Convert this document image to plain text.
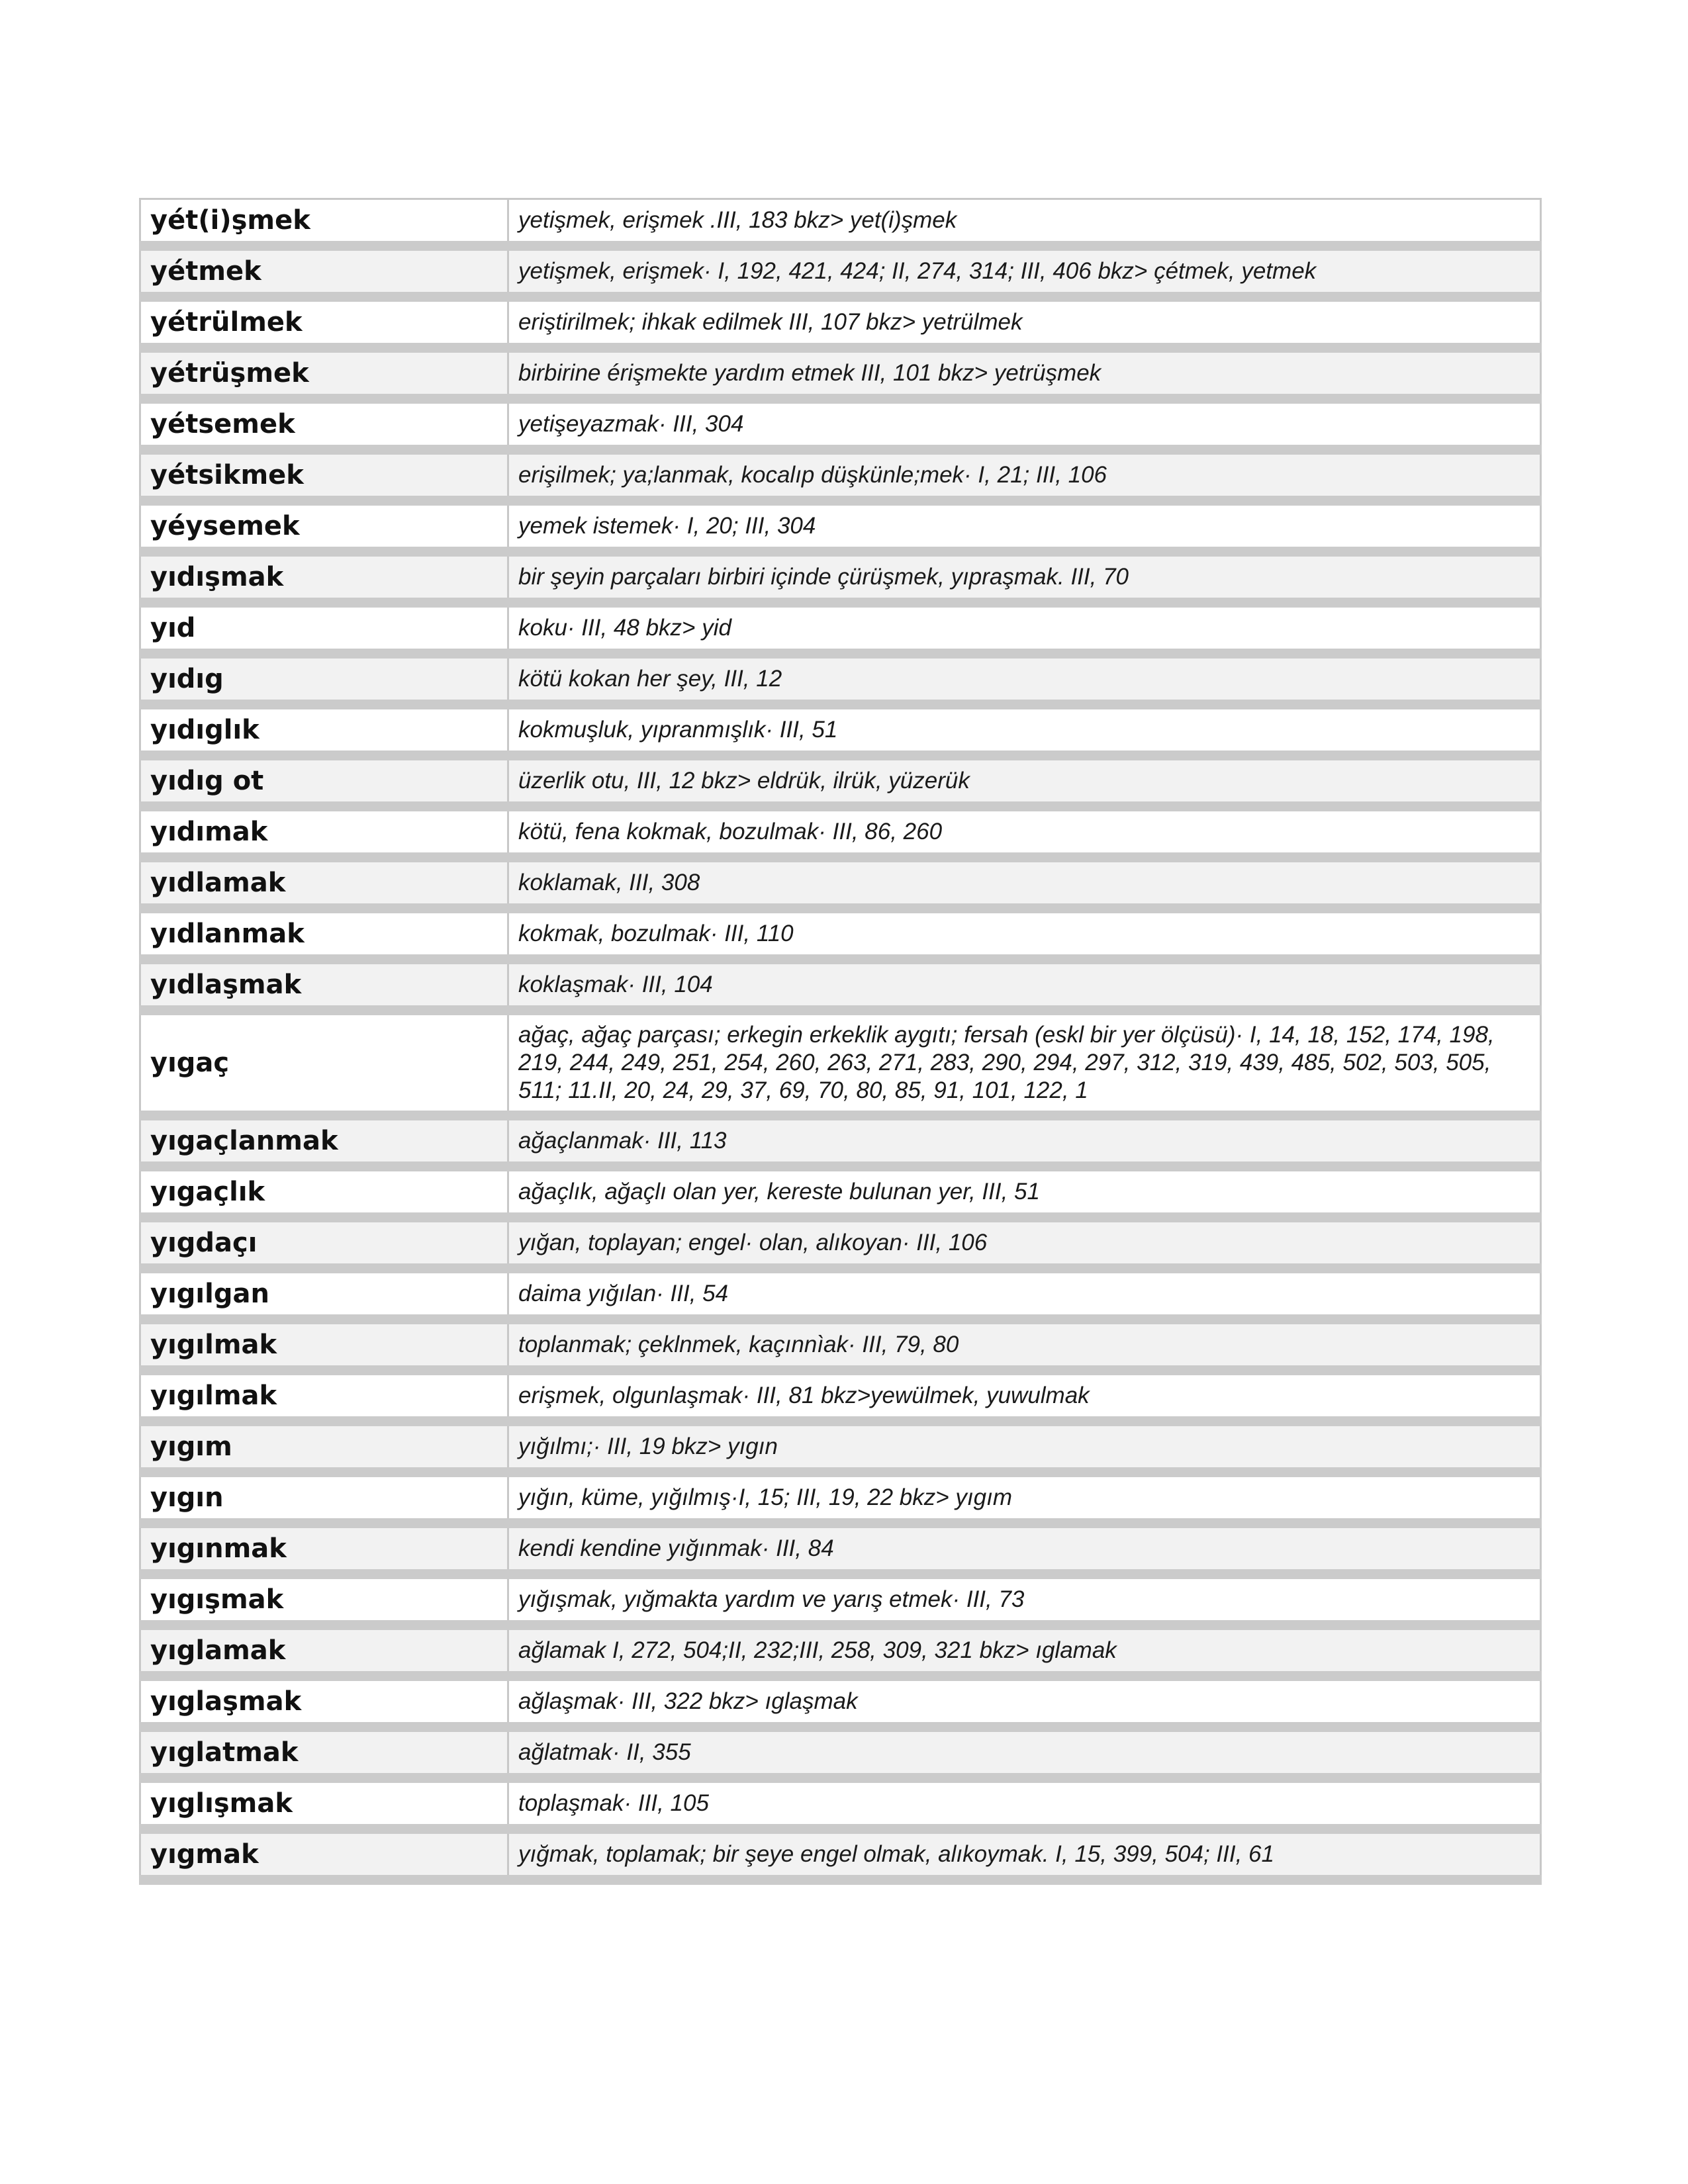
yét(i)şmek	yetişmek, erişmek .III, 183 bkz> yet(i)şmek
yétmek	yetişmek, erişmek· I, 192, 421, 424; II, 274, 314; III, 406 bkz> çétmek, yetmek
yétrülmek	eriştirilmek; ihkak edilmek III, 107 bkz> yetrülmek
yétrüşmek	birbirine érişmekte yardım etmek III, 101 bkz> yetrüşmek
yétsemek	yetişeyazmak· III, 304
yétsikmek	erişilmek; ya;lanmak, kocalıp düşkünle;mek· I, 21; III, 106
yéysemek	yemek istemek· I, 20; III, 304
yıdışmak	bir şeyin parçaları birbiri içinde çürüşmek, yıpraşmak. III, 70
yıd	koku· III, 48 bkz> yid
yıdıg	kötü kokan her şey, III, 12
yıdıglık	kokmuşluk, yıpranmışlık· III, 51
yıdıg ot	üzerlik otu, III, 12 bkz> eldrük, ilrük, yüzerük
yıdımak	kötü, fena kokmak, bozulmak· III, 86, 260
yıdlamak	koklamak, III, 308
yıdlanmak	kokmak, bozulmak· III, 110
yıdlaşmak	koklaşmak· III, 104
yıgaç	ağaç, ağaç parçası; erkegin erkeklik aygıtı; fersah (eskl bir yer ölçüsü)· I, 14, 18, 152, 174, 198, 219, 244, 249, 251, 254, 260, 263, 271, 283, 290, 294, 297, 312, 319, 439, 485, 502, 503, 505, 511; 11.II, 20, 24, 29, 37, 69, 70, 80, 85, 91, 101, 122, 1
yıgaçlanmak	ağaçlanmak· III, 113
yıgaçlık	ağaçlık, ağaçlı olan yer, kereste bulunan yer, III, 51
yıgdaçı	yığan, toplayan; engel· olan, alıkoyan· III, 106
yıgılgan	daima yığılan· III, 54
yıgılmak	toplanmak; çeklnmek, kaçınnìak· III, 79, 80
yıgılmak	erişmek, olgunlaşmak· III, 81 bkz>yewülmek, yuwulmak
yıgım	yığılmı;· III, 19 bkz> yıgın
yıgın	yığın, küme, yığılmış·I, 15; III, 19, 22 bkz> yıgım
yıgınmak	kendi kendine yığınmak· III, 84
yıgışmak	yığışmak, yığmakta yardım ve yarış etmek· III, 73
yıglamak	ağlamak I, 272, 504;II, 232;III, 258, 309, 321 bkz> ıglamak
yıglaşmak	ağlaşmak· III, 322 bkz> ıglaşmak
yıglatmak	ağlatmak· II, 355
yıglışmak	toplaşmak· III, 105
yıgmak	yığmak, toplamak; bir şeye engel olmak, alıkoymak. I, 15, 399, 504; III, 61
